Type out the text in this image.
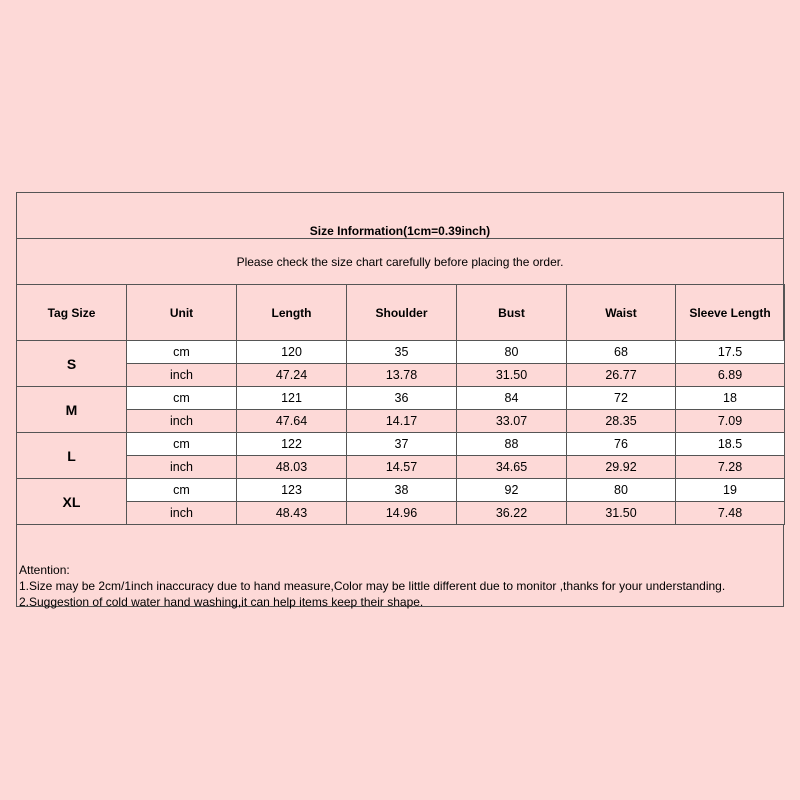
Size Information(1cm=0.39inch)
Please check the size chart carefully before placing the order.
Tag Size	Unit	Length	Shoulder	Bust	Waist	Sleeve Length
S	cm	120	35	80	68	17.5
	inch	47.24	13.78	31.50	26.77	6.89
M	cm	121	36	84	72	18
	inch	47.64	14.17	33.07	28.35	7.09
L	cm	122	37	88	76	18.5
	inch	48.03	14.57	34.65	29.92	7.28
XL	cm	123	38	92	80	19
	inch	48.43	14.96	36.22	31.50	7.48
Attention:
1.Size may be 2cm/1inch inaccuracy due to hand measure,Color may be little different due to monitor ,thanks for your understanding.
2.Suggestion of cold water hand washing,it can help items keep their shape.
